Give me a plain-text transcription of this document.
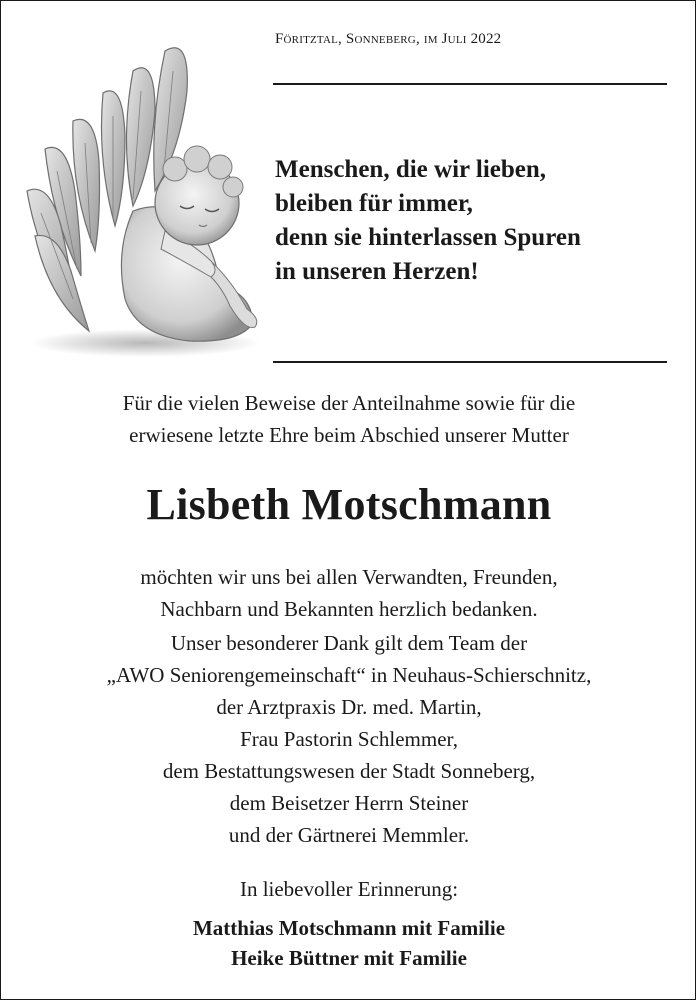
Föritztal, Sonneberg, im Juli 2022
Menschen, die wir lieben,
bleiben für immer,
denn sie hinterlassen Spuren
in unseren Herzen!
Für die vielen Beweise der Anteilnahme sowie für die
erwiesene letzte Ehre beim Abschied unserer Mutter
Lisbeth Motschmann
möchten wir uns bei allen Verwandten, Freunden,
Nachbarn und Bekannten herzlich bedanken.
Unser besonderer Dank gilt dem Team der
„AWO Seniorengemeinschaft“ in Neuhaus-Schierschnitz,
der Arztpraxis Dr. med. Martin,
Frau Pastorin Schlemmer,
dem Bestattungswesen der Stadt Sonneberg,
dem Beisetzer Herrn Steiner
und der Gärtnerei Memmler.
In liebevoller Erinnerung:
Matthias Motschmann mit Familie
Heike Büttner mit Familie
